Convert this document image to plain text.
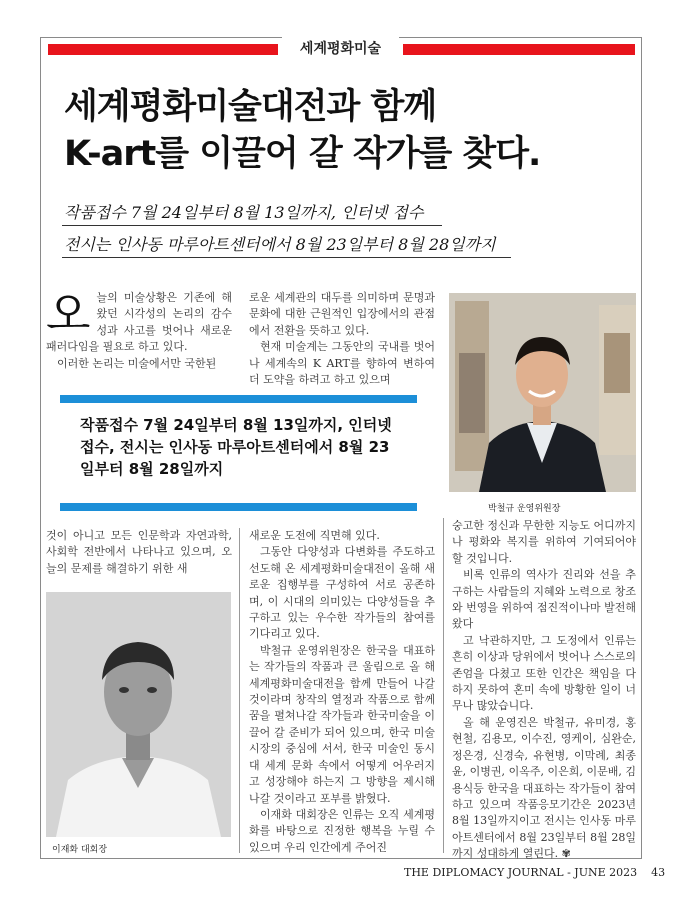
세계평화미술
세계평화미술대전과 함께
K-art를 이끌어 갈 작가를 찾다.
작품접수 7월 24일부터 8월 13일까지, 인터넷 접수
전시는 인사동 마루아트센터에서 8월 23일부터 8월 28일까지

오늘의 미술상황은 기존에 해왔던 시각성의 논리의 감수성과 사고를 벗어나 새로운 패러다임을 필요로 하고 있다.

이러한 논리는 미술에서만 국한된

로운 세계관의 대두를 의미하며 문명과 문화에 대한 근원적인 입장에서의 관점에서 전환을 뜻하고 있다.

현재 미술계는 그동안의 국내를 벗어나 세계속의 K ART를 향하여 변하여 더 도약을 하려고 하고 있으며

작품접수 7월 24일부터 8월 13일까지, 인터넷 접수, 전시는 인사동 마루아트센터에서 8월 23일부터 8월 28일까지
박철규 운영위원장

것이 아니고 모든 인문학과 자연과학, 사회학 전반에서 나타나고 있으며, 오늘의 문제를 해결하기 위한 새

이재화 대회장

새로운 도전에 직면해 있다.

그동안 다양성과 다변화를 주도하고 선도해 온 세계평화미술대전이 올해 새로운 집행부를 구성하여 서로 공존하며, 이 시대의 의미있는 다양성들을 추구하고 있는 우수한 작가들의 참여를 기다리고 있다.

박철규 운영위원장은 한국을 대표하는 작가들의 작품과 큰 울림으로 올 해 세계평화미술대전을 함께 만들어 나갈 것이라며 창작의 열정과 작품으로 함께 꿈을 펼쳐나갈 작가들과 한국미술을 이끌어 갈 준비가 되어 있으며, 한국 미술시장의 중심에 서서, 한국 미술인 동시대 세계 문화 속에서 어떻게 어우러지고 성장해야 하는지 그 방향을 제시해 나갈 것이라고 포부를 밝혔다.

이재화 대회장은 인류는 오직 세계평화를 바탕으로 진정한 행복을 누릴 수있으며 우리 인간에게 주어진

숭고한 정신과 무한한 지능도 어디까지나 평화와 복지를 위하여 기여되어야 할 것입니다.

비록 인류의 역사가 진리와 선을 추구하는 사람들의 지혜와 노력으로 창조와 번영을 위하여 점진적이나마 발전해 왔다

고 낙관하지만, 그 도정에서 인류는 흔히 이상과 당위에서 벗어나 스스로의 존엄을 다쳤고 또한 인간은 책임을 다하지 못하여 혼미 속에 방황한 일이 너무나 많았습니다.

올 해 운영진은 박철규, 유미경, 홍현철, 김용모, 이수진, 영케이, 심완순, 정은경, 신경숙, 유현병, 이막례, 최종윤, 이병권, 이옥주, 이은희, 이문배, 김용식등 한국을 대표하는 작가들이 참여하고 있으며 작품응모기간은 2023년 8월 13일까지이고 전시는 인사동 마루아트센터에서 8월 23일부터 8월 28일까지 성대하게 열린다. ✾

THE DIPLOMACY JOURNAL - JUNE 2023 43
